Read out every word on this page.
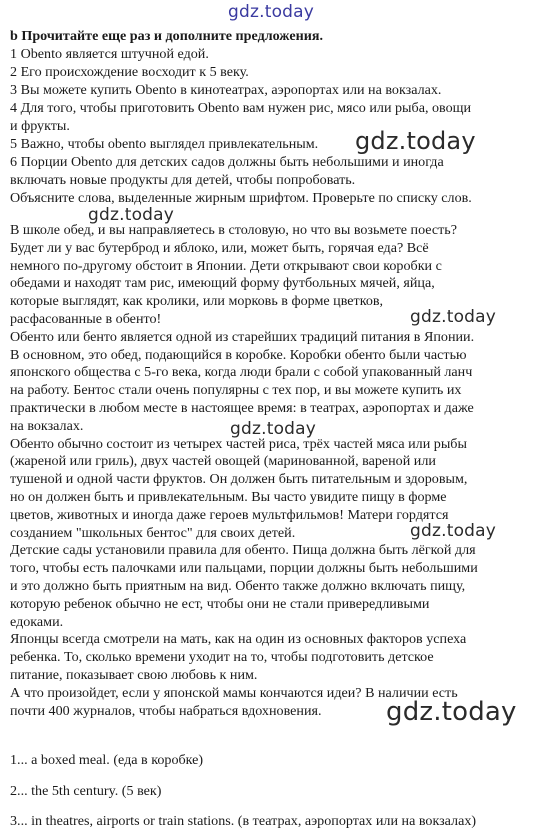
gdz.today
b Прочитайте еще раз и дополните предложения.
1 Obento является штучной едой.
2 Его происхождение восходит к 5 веку.
3 Вы можете купить Obento в кинотеатрах, аэропортах или на вокзалах.
4 Для того, чтобы приготовить Obento вам нужен рис, мясо или рыба, овощи
и фрукты.
5 Важно, чтобы obento выглядел привлекательным.
6 Порции Obento для детских садов должны быть небольшими и иногда
включать новые продукты для детей, чтобы попробовать.
Объясните слова, выделенные жирным шрифтом. Проверьте по списку слов.
В школе обед, и вы направляетесь в столовую, но что вы возьмете поесть?
Будет ли у вас бутерброд и яблоко, или, может быть, горячая еда? Всё
немного по-другому обстоит в Японии. Дети открывают свои коробки с
обедами и находят там рис, имеющий форму футбольных мячей, яйца,
которые выглядят, как кролики, или морковь в форме цветков,
расфасованные в обенто!
Обенто или бенто является одной из старейших традиций питания в Японии.
В основном, это обед, подающийся в коробке. Коробки обенто были частью
японского общества с 5-го века, когда люди брали с собой упакованный ланч
на работу. Бентос стали очень популярны с тех пор, и вы можете купить их
практически в любом месте в настоящее время: в театрах, аэропортах и даже
на вокзалах.
Обенто обычно состоит из четырех частей риса, трёх частей мяса или рыбы
(жареной или гриль), двух частей овощей (маринованной, вареной или
тушеной и одной части фруктов. Он должен быть питательным и здоровым,
но он должен быть и привлекательным. Вы часто увидите пищу в форме
цветов, животных и иногда даже героев мультфильмов! Матери гордятся
созданием "школьных бентос" для своих детей.
Детские сады установили правила для обенто. Пища должна быть лёгкой для
того, чтобы есть палочками или пальцами, порции должны быть небольшими
и это должно быть приятным на вид. Обенто также должно включать пищу,
которую ребенок обычно не ест, чтобы они не стали привередливыми
едоками.
Японцы всегда смотрели на мать, как на один из основных факторов успеха
ребенка. То, сколько времени уходит на то, чтобы подготовить детское
питание, показывает свою любовь к ним.
А что произойдет, если у японской мамы кончаются идеи? В наличии есть
почти 400 журналов, чтобы набраться вдохновения.
1... a boxed meal. (еда в коробке)
2... the 5th century. (5 век)
3... in theatres, airports or train stations. (в театрах, аэропортах или на вокзалах)
gdz.today
gdz.today
gdz.today
gdz.today
gdz.today
gdz.today
